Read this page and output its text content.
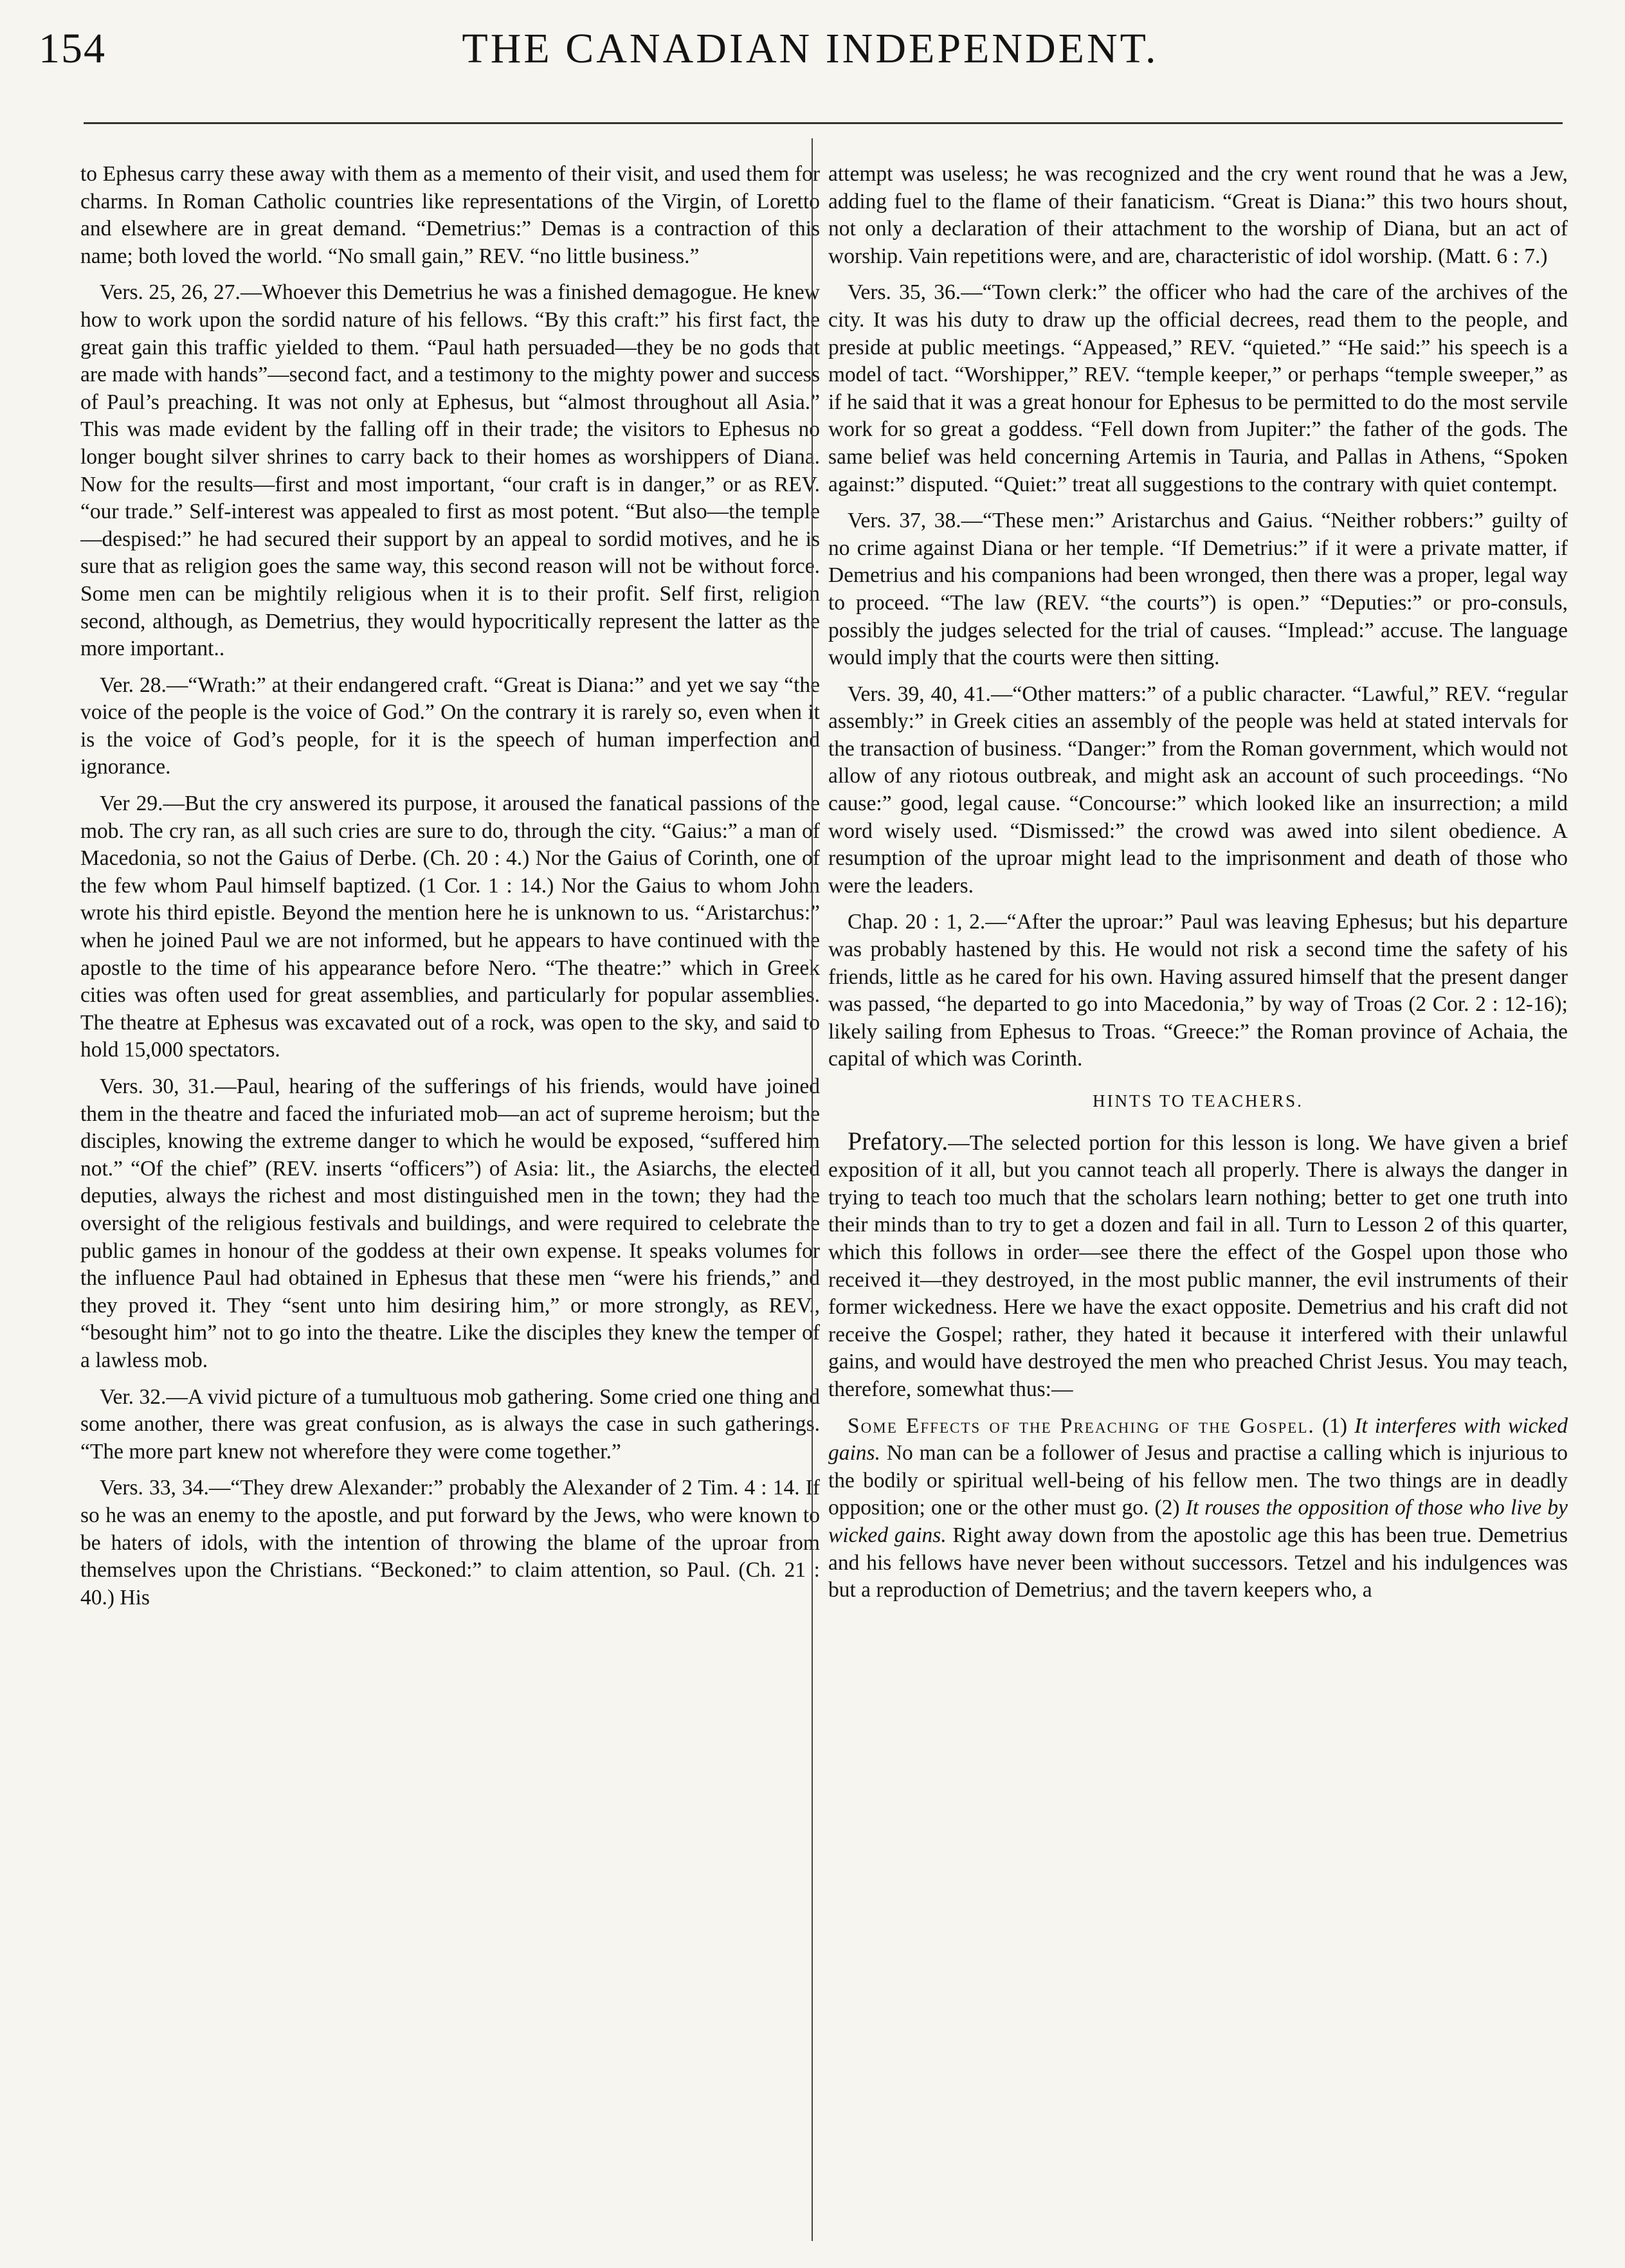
154	THE CANADIAN INDEPENDENT.

to Ephesus carry these away with them as a memento of their visit, and used them for charms. In Roman Catholic countries like representations of the Virgin, of Loretto and elsewhere are in great demand. “Demetrius:” Demas is a contraction of this name; both loved the world. “No small gain,” REV. “no little business.”

Vers. 25, 26, 27.—Whoever this Demetrius he was a finished demagogue. He knew how to work upon the sordid nature of his fellows. “By this craft:” his first fact, the great gain this traffic yielded to them. “Paul hath persuaded—they be no gods that are made with hands”—second fact, and a testimony to the mighty power and success of Paul’s preaching. It was not only at Ephesus, but “almost throughout all Asia.” This was made evident by the falling off in their trade; the visitors to Ephesus no longer bought silver shrines to carry back to their homes as worshippers of Diana. Now for the results—first and most important, “our craft is in danger,” or as REV. “our trade.” Self-interest was appealed to first as most potent. “But also—the temple—despised:” he had secured their support by an appeal to sordid motives, and he is sure that as religion goes the same way, this second reason will not be without force. Some men can be mightily religious when it is to their profit. Self first, religion second, although, as Demetrius, they would hypocritically represent the latter as the more important..

Ver. 28.—“Wrath:” at their endangered craft. “Great is Diana:” and yet we say “the voice of the people is the voice of God.” On the contrary it is rarely so, even when it is the voice of God’s people, for it is the speech of human imperfection and ignorance.

Ver 29.—But the cry answered its purpose, it aroused the fanatical passions of the mob. The cry ran, as all such cries are sure to do, through the city. “Gaius:” a man of Macedonia, so not the Gaius of Derbe. (Ch. 20 : 4.) Nor the Gaius of Corinth, one of the few whom Paul himself baptized. (1 Cor. 1 : 14.) Nor the Gaius to whom John wrote his third epistle. Beyond the mention here he is unknown to us. “Aristarchus:” when he joined Paul we are not informed, but he appears to have continued with the apostle to the time of his appearance before Nero. “The theatre:” which in Greek cities was often used for great assemblies, and particularly for popular assemblies. The theatre at Ephesus was excavated out of a rock, was open to the sky, and said to hold 15,000 spectators.

Vers. 30, 31.—Paul, hearing of the sufferings of his friends, would have joined them in the theatre and faced the infuriated mob—an act of supreme heroism; but the disciples, knowing the extreme danger to which he would be exposed, “suffered him not.” “Of the chief” (REV. inserts “officers”) of Asia: lit., the Asiarchs, the elected deputies, always the richest and most distinguished men in the town; they had the oversight of the religious festivals and buildings, and were required to celebrate the public games in honour of the goddess at their own expense. It speaks volumes for the influence Paul had obtained in Ephesus that these men “were his friends,” and they proved it. They “sent unto him desiring him,” or more strongly, as REV., “besought him” not to go into the theatre. Like the disciples they knew the temper of a lawless mob.

Ver. 32.—A vivid picture of a tumultuous mob gathering. Some cried one thing and some another, there was great confusion, as is always the case in such gatherings. “The more part knew not wherefore they were come together.”

Vers. 33, 34.—“They drew Alexander:” probably the Alexander of 2 Tim. 4 : 14. If so he was an enemy to the apostle, and put forward by the Jews, who were known to be haters of idols, with the intention of throwing the blame of the uproar from themselves upon the Christians. “Beckoned:” to claim attention, so Paul. (Ch. 21 : 40.) His

attempt was useless; he was recognized and the cry went round that he was a Jew, adding fuel to the flame of their fanaticism. “Great is Diana:” this two hours shout, not only a declaration of their attachment to the worship of Diana, but an act of worship. Vain repetitions were, and are, characteristic of idol worship. (Matt. 6 : 7.)

Vers. 35, 36.—“Town clerk:” the officer who had the care of the archives of the city. It was his duty to draw up the official decrees, read them to the people, and preside at public meetings. “Appeased,” REV. “quieted.” “He said:” his speech is a model of tact. “Worshipper,” REV. “temple keeper,” or perhaps “temple sweeper,” as if he said that it was a great honour for Ephesus to be permitted to do the most servile work for so great a goddess. “Fell down from Jupiter:” the father of the gods. The same belief was held concerning Artemis in Tauria, and Pallas in Athens, “Spoken against:” disputed. “Quiet:” treat all suggestions to the contrary with quiet contempt.

Vers. 37, 38.—“These men:” Aristarchus and Gaius. “Neither robbers:” guilty of no crime against Diana or her temple. “If Demetrius:” if it were a private matter, if Demetrius and his companions had been wronged, then there was a proper, legal way to proceed. “The law (REV. “the courts”) is open.” “Deputies:” or pro-consuls, possibly the judges selected for the trial of causes. “Implead:” accuse. The language would imply that the courts were then sitting.

Vers. 39, 40, 41.—“Other matters:” of a public character. “Lawful,” REV. “regular assembly:” in Greek cities an assembly of the people was held at stated intervals for the transaction of business. “Danger:” from the Roman government, which would not allow of any riotous outbreak, and might ask an account of such proceedings. “No cause:” good, legal cause. “Concourse:” which looked like an insurrection; a mild word wisely used. “Dismissed:” the crowd was awed into silent obedience. A resumption of the uproar might lead to the imprisonment and death of those who were the leaders.

Chap. 20 : 1, 2.—“After the uproar:” Paul was leaving Ephesus; but his departure was probably hastened by this. He would not risk a second time the safety of his friends, little as he cared for his own. Having assured himself that the present danger was passed, “he departed to go into Macedonia,” by way of Troas (2 Cor. 2 : 12-16); likely sailing from Ephesus to Troas. “Greece:” the Roman province of Achaia, the capital of which was Corinth.

HINTS TO TEACHERS.

Prefatory.—The selected portion for this lesson is long. We have given a brief exposition of it all, but you cannot teach all properly. There is always the danger in trying to teach too much that the scholars learn nothing; better to get one truth into their minds than to try to get a dozen and fail in all. Turn to Lesson 2 of this quarter, which this follows in order—see there the effect of the Gospel upon those who received it—they destroyed, in the most public manner, the evil instruments of their former wickedness. Here we have the exact opposite. Demetrius and his craft did not receive the Gospel; rather, they hated it because it interfered with their unlawful gains, and would have destroyed the men who preached Christ Jesus. You may teach, therefore, somewhat thus:—

Some Effects of the Preaching of the Gospel. (1) It interferes with wicked gains. No man can be a follower of Jesus and practise a calling which is injurious to the bodily or spiritual well-being of his fellow men. The two things are in deadly opposition; one or the other must go. (2) It rouses the opposition of those who live by wicked gains. Right away down from the apostolic age this has been true. Demetrius and his fellows have never been without successors. Tetzel and his indulgences was but a reproduction of Demetrius; and the tavern keepers who, a
